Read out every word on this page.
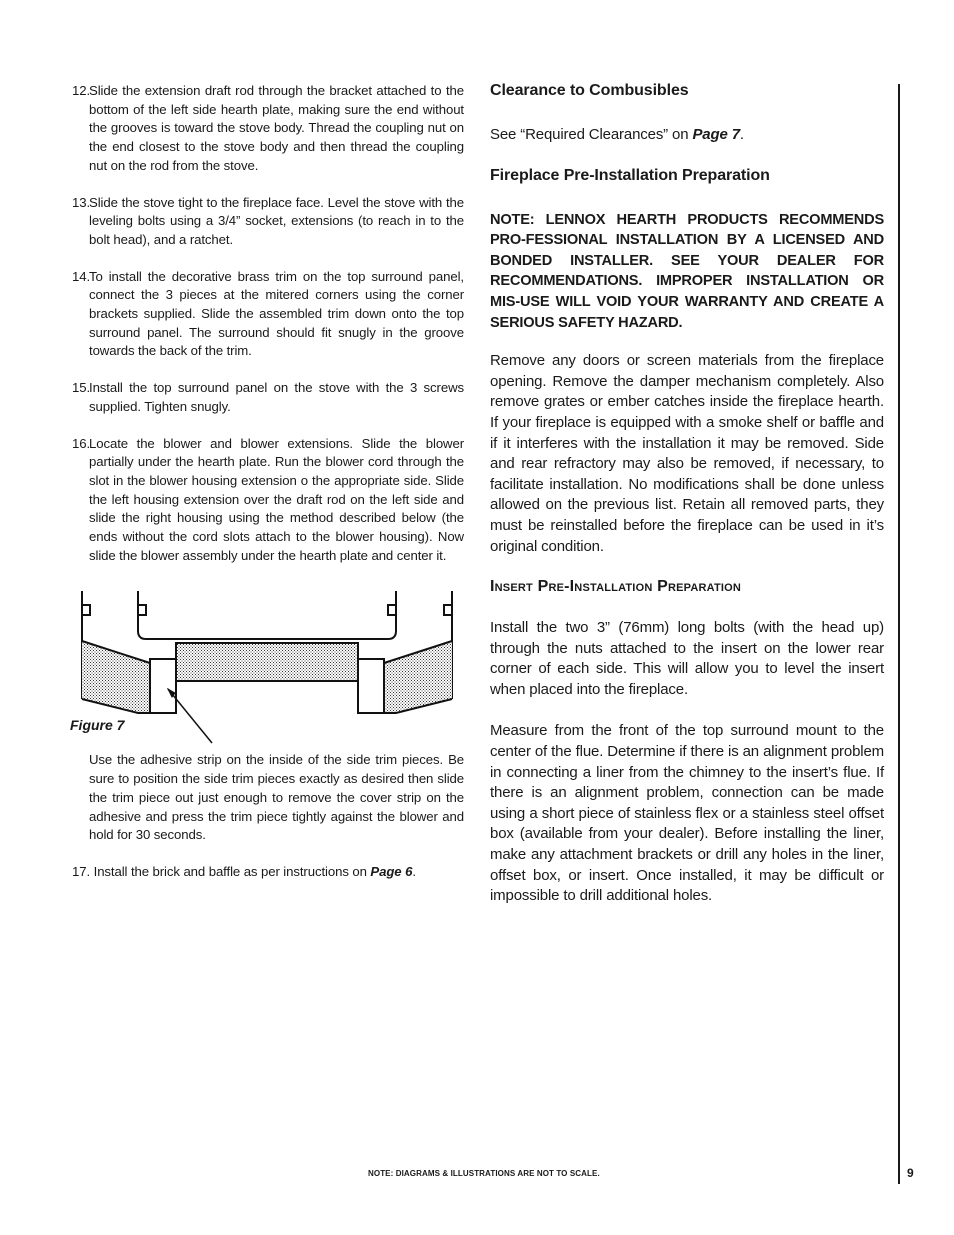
12.
Slide the extension draft rod through the bracket attached to the bottom of the left side hearth plate, making sure the end without the grooves is toward the stove body. Thread the coupling nut on the end closest to the stove body and then thread the coupling nut on the rod from the stove.
13.
Slide the stove tight to the fireplace face. Level the stove with the leveling bolts using a 3/4” socket, extensions (to reach in to the bolt head), and a ratchet.
14.
To install the decorative brass trim on the top surround panel, connect the 3 pieces at the mitered corners using the corner brackets supplied. Slide the assembled trim down onto the top surround panel. The surround should fit snugly in the groove towards the back of the trim.
15.
Install the top surround panel on the stove with the 3 screws supplied. Tighten snugly.
16.
Locate the blower and blower extensions. Slide the blower partially under the hearth plate. Run the blower cord through the slot in the blower housing extension o the appropriate side. Slide the left housing extension over the draft rod on the left side and slide the right housing using the method described below (the ends without the cord slots attach to the blower housing). Now slide the blower assembly under the hearth plate and center it.
Figure 7
Use the adhesive strip on the inside of the side trim pieces. Be sure to position the side trim pieces exactly as desired then slide the trim piece out just enough to remove the cover strip on the adhesive and press the trim piece tightly against the blower and hold for 30 seconds.
17. Install the brick and baffle as per instructions on Page 6.
Clearance to Combusibles

See “Required Clearances” on Page 7.

Fireplace Pre-Installation Preparation

NOTE: LENNOX HEARTH PRODUCTS RECOMMENDS PRO-FESSIONAL INSTALLATION BY A LICENSED AND BONDED INSTALLER. SEE YOUR DEALER FOR RECOMMENDATIONS. IMPROPER INSTALLATION OR MIS-USE WILL VOID YOUR WARRANTY AND CREATE A SERIOUS SAFETY HAZARD.

Remove any doors or screen materials from the fireplace opening. Remove the damper mechanism completely. Also remove grates or ember catches inside the fireplace hearth. If your fireplace is equipped with a smoke shelf or baffle and if it interferes with the installation it may be removed. Side and rear refractory may also be removed, if necessary, to facilitate installation. No modifications shall be done unless allowed on the previous list. Retain all removed parts, they must be reinstalled before the fireplace can be used in it’s original condition.

Insert Pre-Installation Preparation

Install the two 3” (76mm) long bolts (with the head up) through the nuts attached to the insert on the lower rear corner of each side. This will allow you to level the insert when placed into the fireplace.

Measure from the front of the top surround mount to the center of the flue. Determine if there is an alignment problem in connecting a liner from the chimney to the insert’s flue. If there is an alignment problem, connection can be made using a short piece of stainless flex or a stainless steel offset box (available from your dealer). Before installing the liner, make any attachment brackets or drill any holes in the liner, offset box, or insert. Once installed, it may be difficult or impossible to drill additional holes.

NOTE: DIAGRAMS & ILLUSTRATIONS ARE NOT TO SCALE.	9
